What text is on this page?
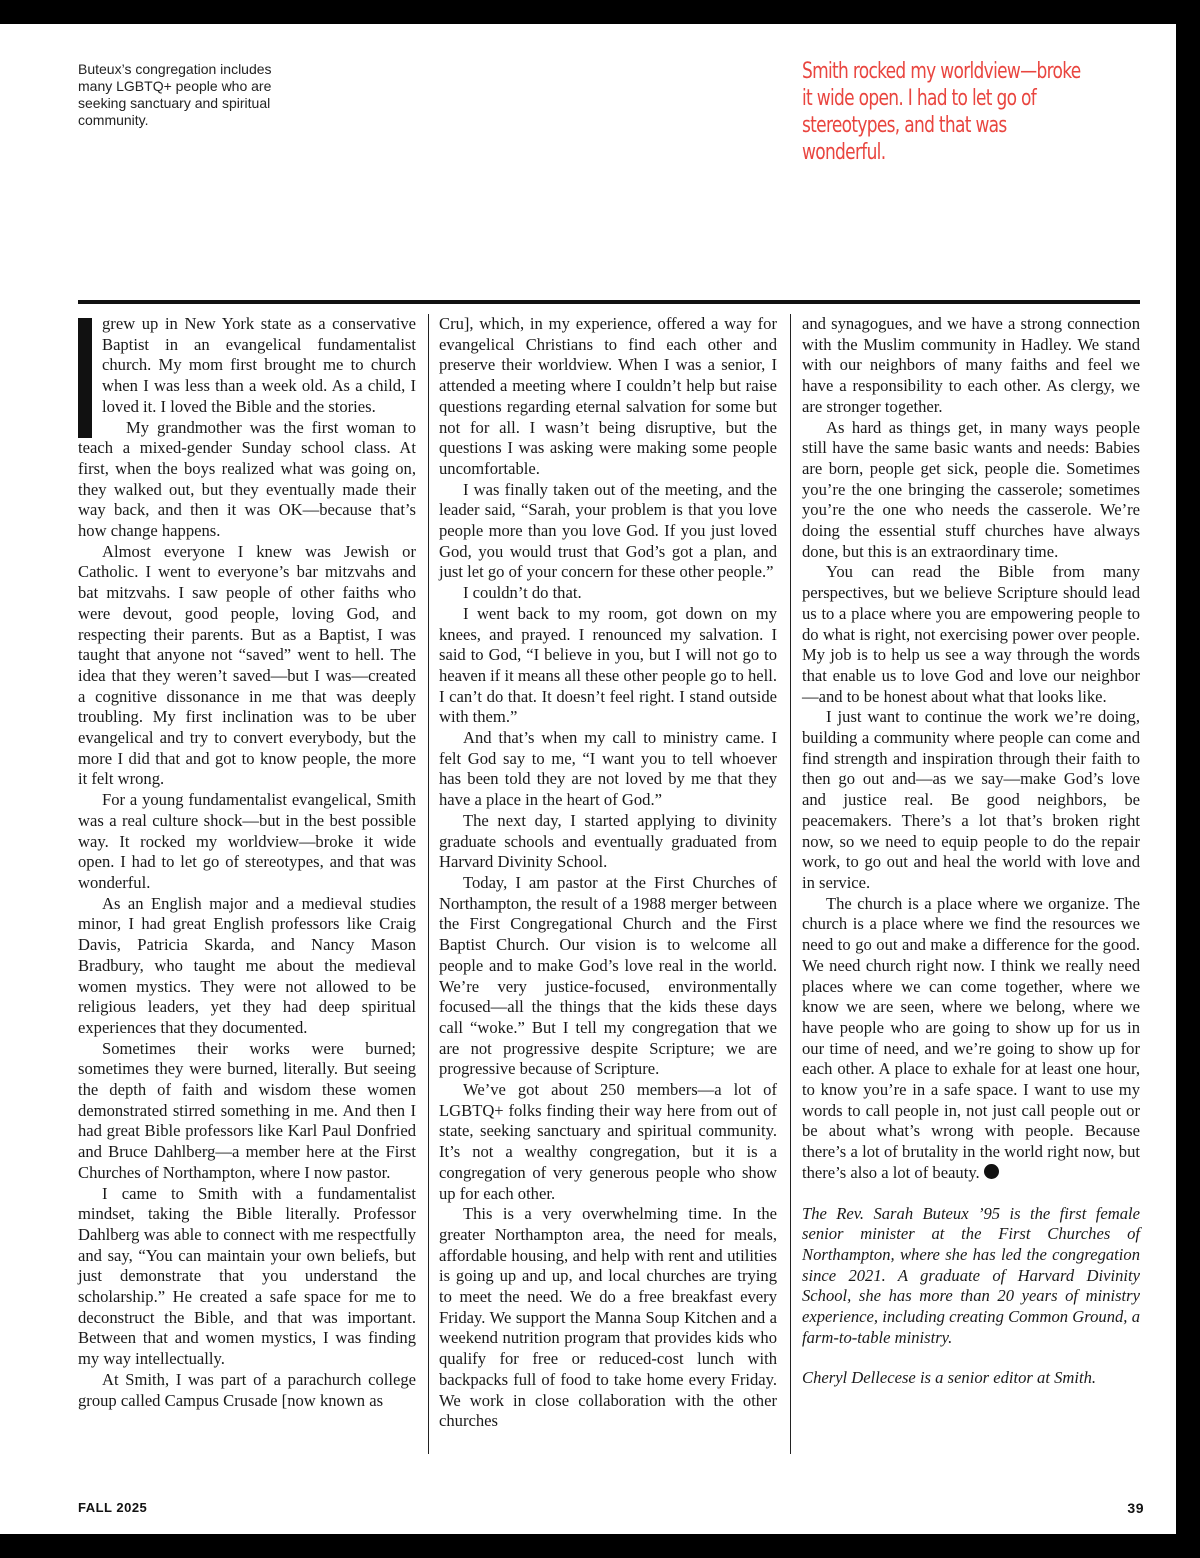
Buteux’s congregation includes many LGBTQ+ people who are seeking sanctuary and spiritual community.
Smith rocked my worldview—broke
it wide open. I had to let go of
stereotypes, and that was wonderful.

grew up in New York state as a conservative Baptist in an evangelical fundamentalist church. My mom first brought me to church when I was less than a week old. As a child, I loved it. I loved the Bible and the stories.

My grandmother was the first woman to teach a mixed-gender Sunday school class. At first, when the boys realized what was going on, they walked out, but they eventually made their way back, and then it was OK—because that’s how change happens.

Almost everyone I knew was Jewish or Catholic. I went to everyone’s bar mitzvahs and bat mitzvahs. I saw people of other faiths who were devout, good people, loving God, and respecting their parents. But as a Baptist, I was taught that anyone not “saved” went to hell. The idea that they weren’t saved—but I was—created a cognitive dissonance in me that was deeply troubling. My first inclination was to be uber evangelical and try to convert everybody, but the more I did that and got to know people, the more it felt wrong.

For a young fundamentalist evangelical, Smith was a real culture shock—but in the best possible way. It rocked my worldview—broke it wide open. I had to let go of stereotypes, and that was wonderful.

As an English major and a medieval studies minor, I had great English professors like Craig Davis, Patricia Skarda, and Nancy Mason Bradbury, who taught me about the medieval women mystics. They were not allowed to be religious leaders, yet they had deep spiritual experiences that they documented.

Sometimes their works were burned; sometimes they were burned, literally. But seeing the depth of faith and wisdom these women demonstrated stirred something in me. And then I had great Bible professors like Karl Paul Donfried and Bruce Dahlberg—a member here at the First Churches of Northampton, where I now pastor.

I came to Smith with a fundamentalist mindset, taking the Bible literally. Professor Dahlberg was able to connect with me respectfully and say, “You can maintain your own beliefs, but just demonstrate that you understand the scholarship.” He created a safe space for me to deconstruct the Bible, and that was important. Between that and women mystics, I was finding my way intellectually.

At Smith, I was part of a parachurch college group called Campus Crusade [now known as

Cru], which, in my experience, offered a way for evangelical Christians to find each other and preserve their worldview. When I was a senior, I attended a meeting where I couldn’t help but raise questions regarding eternal salvation for some but not for all. I wasn’t being disruptive, but the questions I was asking were making some people uncomfortable.

I was finally taken out of the meeting, and the leader said, “Sarah, your problem is that you love people more than you love God. If you just loved God, you would trust that God’s got a plan, and just let go of your concern for these other people.”

I couldn’t do that.

I went back to my room, got down on my knees, and prayed. I renounced my salvation. I said to God, “I believe in you, but I will not go to heaven if it means all these other people go to hell. I can’t do that. It doesn’t feel right. I stand outside with them.”

And that’s when my call to ministry came. I felt God say to me, “I want you to tell whoever has been told they are not loved by me that they have a place in the heart of God.”

The next day, I started applying to divinity graduate schools and eventually graduated from Harvard Divinity School.

Today, I am pastor at the First Churches of Northampton, the result of a 1988 merger between the First Congregational Church and the First Baptist Church. Our vision is to welcome all people and to make God’s love real in the world. We’re very justice-focused, environmentally focused—all the things that the kids these days call “woke.” But I tell my congregation that we are not progressive despite Scripture; we are progressive because of Scripture.

We’ve got about 250 members—a lot of LGBTQ+ folks finding their way here from out of state, seeking sanctuary and spiritual community. It’s not a wealthy congregation, but it is a congregation of very generous people who show up for each other.

This is a very overwhelming time. In the greater Northampton area, the need for meals, affordable housing, and help with rent and utilities is going up and up, and local churches are trying to meet the need. We do a free breakfast every Friday. We support the Manna Soup Kitchen and a weekend nutrition program that provides kids who qualify for free or reduced-cost lunch with backpacks full of food to take home every Friday. We work in close collaboration with the other churches

and synagogues, and we have a strong connection with the Muslim community in Hadley. We stand with our neighbors of many faiths and feel we have a responsibility to each other. As clergy, we are stronger together.

As hard as things get, in many ways people still have the same basic wants and needs: Babies are born, people get sick, people die. Sometimes you’re the one bringing the casserole; sometimes you’re the one who needs the casserole. We’re doing the essential stuff churches have always done, but this is an extraordinary time.

You can read the Bible from many perspectives, but we believe Scripture should lead us to a place where you are empowering people to do what is right, not exercising power over people. My job is to help us see a way through the words that enable us to love God and love our neighbor—and to be honest about what that looks like.

I just want to continue the work we’re doing, building a community where people can come and find strength and inspiration through their faith to then go out and—as we say—make God’s love and justice real. Be good neighbors, be peacemakers. There’s a lot that’s broken right now, so we need to equip people to do the repair work, to go out and heal the world with love and in service.

The church is a place where we organize. The church is a place where we find the resources we need to go out and make a difference for the good. We need church right now. I think we really need places where we can come together, where we know we are seen, where we belong, where we have people who are going to show up for us in our time of need, and we’re going to show up for each other. A place to exhale for at least one hour, to know you’re in a safe space. I want to use my words to call people in, not just call people out or be about what’s wrong with people. Because there’s a lot of brutality in the world right now, but there’s also a lot of beauty.

The Rev. Sarah Buteux ’95 is the first female senior minister at the First Churches of Northampton, where she has led the congregation since 2021. A graduate of Harvard Divinity School, she has more than 20 years of ministry experience, including creating Common Ground, a farm-to-table ministry.

Cheryl Dellecese is a senior editor at Smith.

FALL 2025	39
